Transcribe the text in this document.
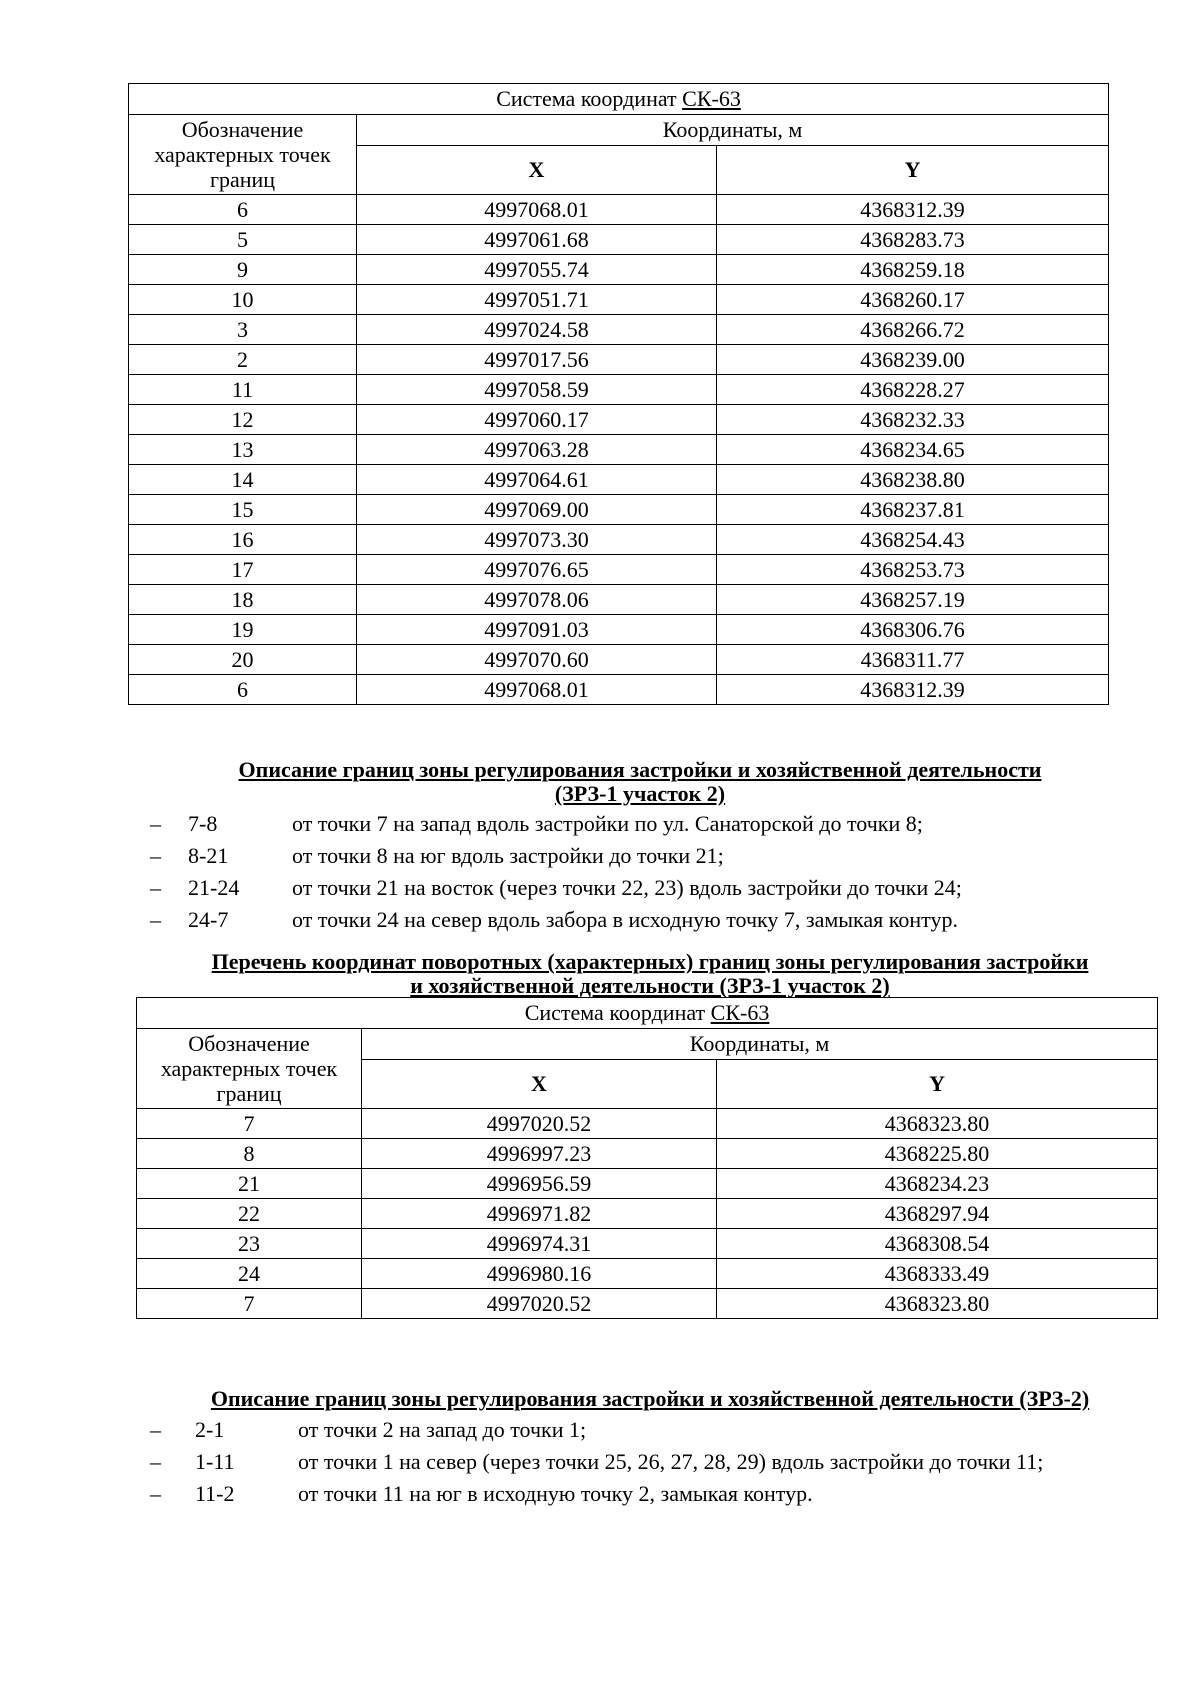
Система координат СК-63		
Обозначение характерных точек границ	Координаты, м	
	X	Y
6	4997068.01	4368312.39
5	4997061.68	4368283.73
9	4997055.74	4368259.18
10	4997051.71	4368260.17
3	4997024.58	4368266.72
2	4997017.56	4368239.00
11	4997058.59	4368228.27
12	4997060.17	4368232.33
13	4997063.28	4368234.65
14	4997064.61	4368238.80
15	4997069.00	4368237.81
16	4997073.30	4368254.43
17	4997076.65	4368253.73
18	4997078.06	4368257.19
19	4997091.03	4368306.76
20	4997070.60	4368311.77
6	4997068.01	4368312.39
Описание границ зоны регулирования застройки и хозяйственной деятельности
(ЗРЗ-1 участок 2)
– 7-8	от точки 7 на запад вдоль застройки по ул. Санаторской до точки 8;
– 8-21	от точки 8 на юг вдоль застройки до точки 21;
– 21-24 от точки 21 на восток (через точки 22, 23) вдоль застройки до точки 24;
– 24-7	от точки 24 на север вдоль забора в исходную точку 7, замыкая контур.
Перечень координат поворотных (характерных) границ зоны регулирования застройки
и хозяйственной деятельности (ЗРЗ-1 участок 2)
Система координат СК-63		
Обозначение характерных точек границ	Координаты, м	
	X	Y
7	4997020.52	4368323.80
8	4996997.23	4368225.80
21	4996956.59	4368234.23
22	4996971.82	4368297.94
23	4996974.31	4368308.54
24	4996980.16	4368333.49
7	4997020.52	4368323.80
Описание границ зоны регулирования застройки и хозяйственной деятельности (ЗРЗ-2)
– 2-1	от точки 2 на запад до точки 1;
– 1-11	от точки 1 на север (через точки 25, 26, 27, 28, 29) вдоль застройки до точки 11;
– 11-2	от точки 11 на юг в исходную точку 2, замыкая контур.
